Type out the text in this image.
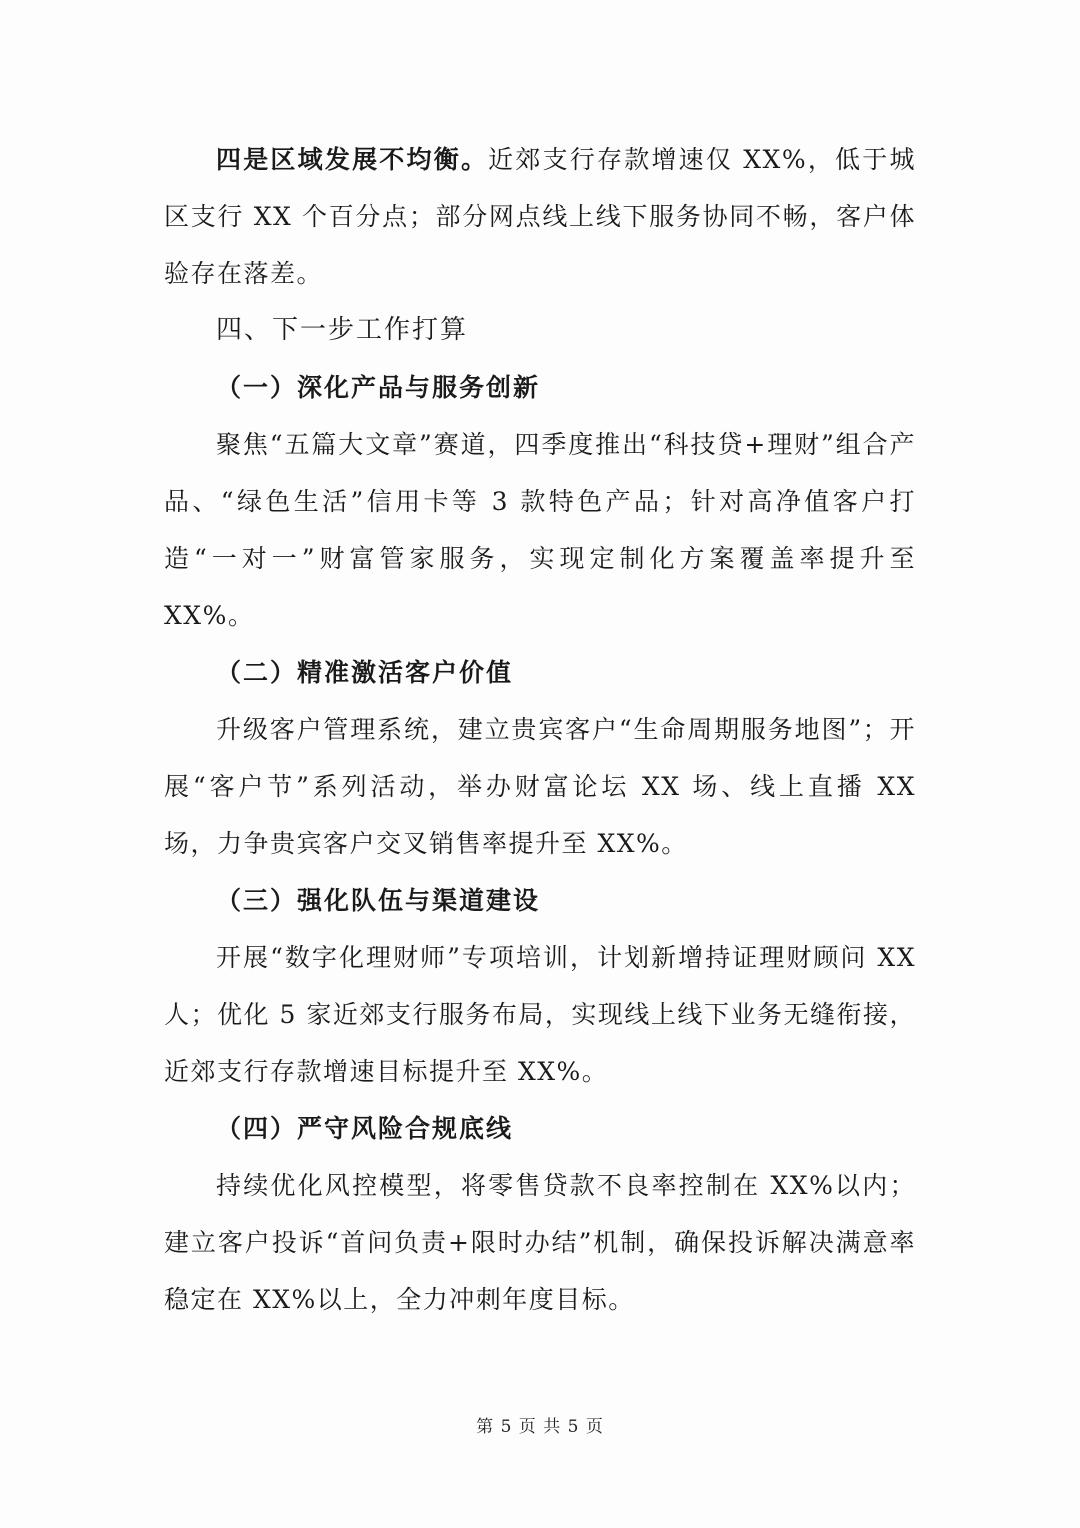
四是区域发展不均衡。近郊支行存款增速仅 XX%，低于城区支行 XX 个百分点；部分网点线上线下服务协同不畅，客户体验存在落差。

四、下一步工作打算

（一）深化产品与服务创新

聚焦“五篇大文章”赛道，四季度推出“科技贷+理财”组合产品、“绿色生活”信用卡等 3 款特色产品；针对高净值客户打造“一对一”财富管家服务，实现定制化方案覆盖率提升至 XX%。

（二）精准激活客户价值

升级客户管理系统，建立贵宾客户“生命周期服务地图”；开展“客户节”系列活动，举办财富论坛 XX 场、线上直播 XX 场，力争贵宾客户交叉销售率提升至 XX%。

（三）强化队伍与渠道建设

开展“数字化理财师”专项培训，计划新增持证理财顾问 XX 人；优化 5 家近郊支行服务布局，实现线上线下业务无缝衔接，近郊支行存款增速目标提升至 XX%。

（四）严守风险合规底线

持续优化风控模型，将零售贷款不良率控制在 XX%以内；建立客户投诉“首问负责+限时办结”机制，确保投诉解决满意率稳定在 XX%以上，全力冲刺年度目标。

第 5 页 共 5 页
